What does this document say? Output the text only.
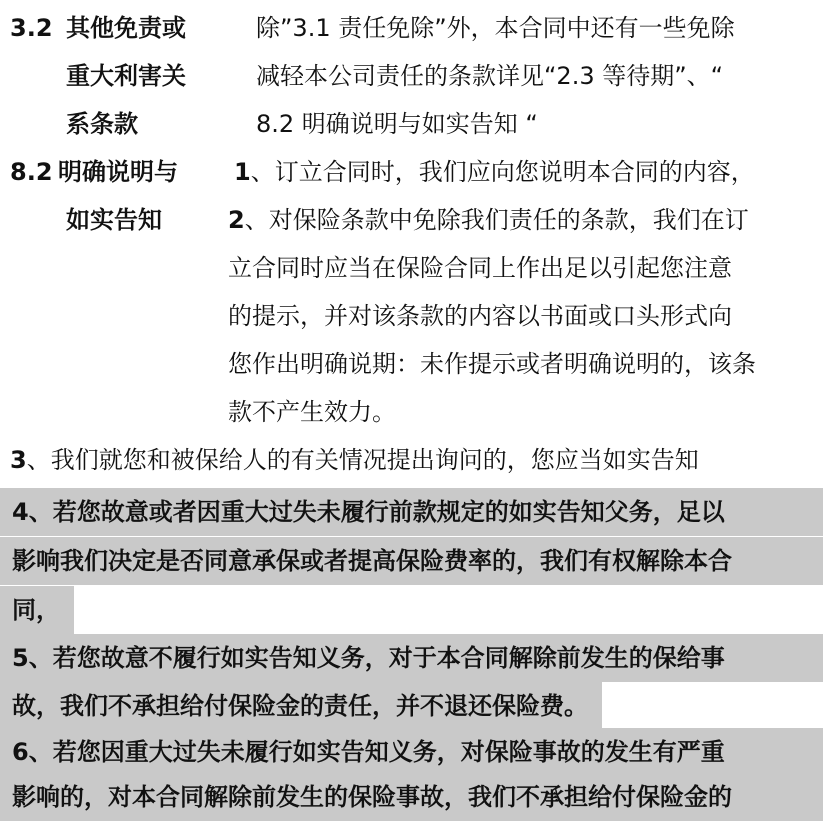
3.2 其他免责或
重大利害关
系条款
除”3.1 责任免除”外，本合同中还有一些免除
减轻本公司责任的条款详见“2.3 等待期”、“
8.2 明确说明与如实告知 “
8.2 明确说明与
如实告知
1、订立合同时，我们应向您说明本合同的内容，
2、对保险条款中免除我们责任的条款，我们在订
立合同时应当在保险合同上作出足以引起您注意
的提示，并对该条款的内容以书面或口头形式向
您作出明确说期：未作提示或者明确说明的，该条
款不产生效力。
3、我们就您和被保给人的有关情况提出询问的，您应当如实告知
4、若您故意或者因重大过失未履行前款规定的如实告知父务，足以
影响我们决定是否同意承保或者提高保险费率的，我们有权解除本合
同，
5、若您故意不履行如实告知义务，对于本合同解除前发生的保给事
故，我们不承担给付保险金的责任，并不退还保险费。
6、若您因重大过失未履行如实告知义务，对保险事故的发生有严重
影响的，对本合同解除前发生的保险事故，我们不承担给付保险金的
